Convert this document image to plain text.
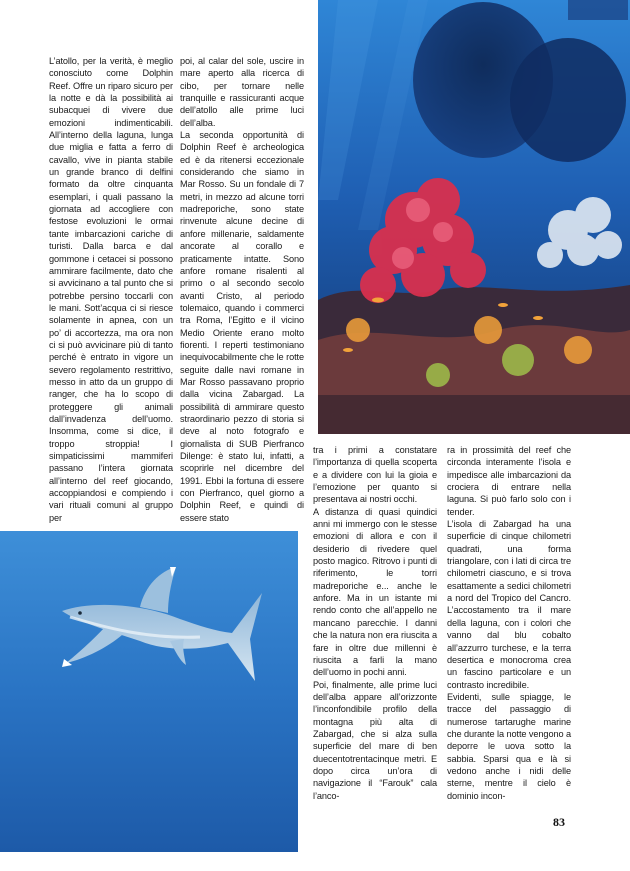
L’atollo, per la verità, è meglio conosciuto come Dolphin Reef. Offre un riparo sicuro per la notte e dà la possibilità ai subacquei di vivere due emozioni indimenticabili. All’interno della laguna, lunga due miglia e fatta a ferro di cavallo, vive in pianta stabile un grande branco di delfini formato da oltre cinquanta esemplari, i quali passano la giornata ad accogliere con festose evoluzioni le ormai tante imbarcazioni cariche di turisti. Dalla barca e dal gommone i cetacei si possono ammirare facilmente, dato che si avvicinano a tal punto che si potrebbe persino toccarli con le mani. Sott’acqua ci si riesce solamente in apnea, con un po’ di accortezza, ma ora non ci si può avvicinare più di tanto perché è entrato in vigore un severo regolamento restrittivo, messo in atto da un gruppo di ranger, che ha lo scopo di proteggere gli animali dall’invadenza dell’uomo. Insomma, come si dice, il troppo stroppia! I simpaticissimi mammiferi passano l’intera giornata all’interno del reef giocando, accoppiandosi e compiendo i vari rituali comuni al gruppo per

poi, al calar del sole, uscire in mare aperto alla ricerca di cibo, per tornare nelle tranquille e rassicuranti acque dell’atollo alle prime luci dell’alba.

La seconda opportunità di Dolphin Reef è archeologica ed è da ritenersi eccezionale considerando che siamo in Mar Rosso. Su un fondale di 7 metri, in mezzo ad alcune torri madreporiche, sono state rinvenute alcune decine di anfore millenarie, saldamente ancorate al corallo e praticamente intatte. Sono anfore romane risalenti al primo o al secondo secolo avanti Cristo, al periodo tolemaico, quando i commerci tra Roma, l’Egitto e il vicino Medio Oriente erano molto fiorenti. I reperti testimoniano inequivocabilmente che le rotte seguite dalle navi romane in Mar Rosso passavano proprio dalla vicina Zabargad. La possibilità di ammirare questo straordinario pezzo di storia si deve al noto fotografo e giornalista di SUB Pierfranco Dilenge: è stato lui, infatti, a scoprirle nel dicembre del 1991. Ebbi la fortuna di essere con Pierfranco, quel giorno a Dolphin Reef, e quindi di essere stato

tra i primi a constatare l’importanza di quella scoperta e a dividere con lui la gioia e l’emozione per quanto si presentava ai nostri occhi.

A distanza di quasi quindici anni mi immergo con le stesse emozioni di allora e con il desiderio di rivedere quel posto magico. Ritrovo i punti di riferimento, le torri madreporiche e... anche le anfore. Ma in un istante mi rendo conto che all’appello ne mancano parecchie. I danni che la natura non era riuscita a fare in oltre due millenni è riuscita a farli la mano dell’uomo in pochi anni.

Poi, finalmente, alle prime luci dell’alba appare all’orizzonte l’inconfondibile profilo della montagna più alta di Zabargad, che si alza sulla superficie del mare di ben duecentotrentacinque metri. E dopo circa un’ora di navigazione il “Farouk” cala l’anco-

ra in prossimità del reef che circonda interamente l’isola e impedisce alle imbarcazioni da crociera di entrare nella laguna. Si può farlo solo con i tender.

L’isola di Zabargad ha una superficie di cinque chilometri quadrati, una forma triangolare, con i lati di circa tre chilometri ciascuno, e si trova esattamente a sedici chilometri a nord del Tropico del Cancro. L’accostamento tra il mare della laguna, con i colori che vanno dal blu cobalto all’azzurro turchese, e la terra desertica e monocroma crea un fascino particolare e un contrasto incredibile.

Evidenti, sulle spiagge, le tracce del passaggio di numerose tartarughe marine che durante la notte vengono a deporre le uova sotto la sabbia. Sparsi qua e là si vedono anche i nidi delle sterne, mentre il cielo è dominio incon-

83
